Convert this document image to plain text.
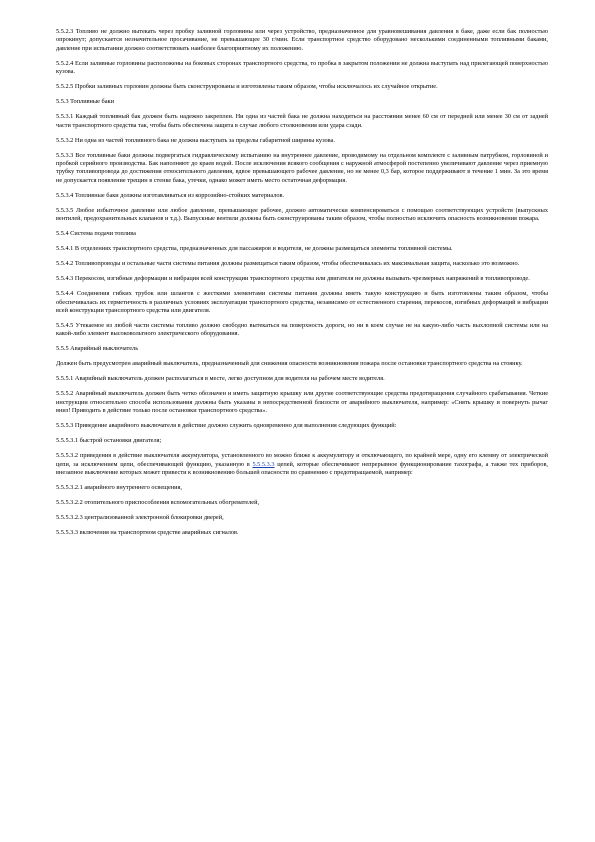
5.5.2.3 Топливо не должно вытекать через пробку заливной горловины или через устройство, предназначенное для уравновешивания давления в баке, даже если бак полностью опрокинут; допускается незначительное просачивание, не превышающее 30 г/мин. Если транспортное средство оборудовано несколькими соединенными топливными баками, давление при испытании должно соответствовать наиболее благоприятному их положению.

5.5.2.4 Если заливные горловины расположены на боковых сторонах транспортного средства, то пробка в закрытом положении не должна выступать над прилегающей поверхностью кузова.

5.5.2.5 Пробки заливных горловин должны быть сконструированы и изготовлены таким образом, чтобы исключалось их случайное открытие.

5.5.3 Топливные баки

5.5.3.1 Каждый топливный бак должен быть надежно закреплен. Ни одна из частей бака не должна находиться на расстоянии менее 60 см от передней или менее 30 см от задней части транспортного средства так, чтобы быть обеспечена защита в случае любого столкновения или удара сзади.

5.5.3.2 Ни одна из частей топливного бака не должна выступать за пределы габаритной ширины кузова.

5.5.3.3 Все топливные баки должны подвергаться гидравлическому испытанию на внутреннее давление, проводимому на отдельном комплекте с заливным патрубком, горловиной и пробкой серийного производства. Бак наполняют до краев водой. После исключения всякого сообщения с наружной атмосферой постепенно увеличивают давление через приемную трубку топливопровода до достижения относительного давления, вдвое превышающего рабочее давление, но не менее 0,3 бар, которое поддерживают в течение 1 мин. За это время не допускается появление трещин в стенке бака, утечки, однако может иметь место остаточная деформация.

5.5.3.4 Топливные баки должны изготавливаться из коррозийно-стойких материалов.

5.5.3.5 Любое избыточное давление или любое давление, превышающее рабочее, должно автоматически компенсироваться с помощью соответствующих устройств (выпускных вентилей, предохранительных клапанов и т.д.). Выпускные вентили должны быть сконструированы таким образом, чтобы полностью исключить опасность возникновения пожара.

5.5.4 Система подачи топлива

5.5.4.1 В отделениях транспортного средства, предназначенных для пассажиров и водителя, не должны размещаться элементы топливной системы.

5.5.4.2 Топливопроводы и остальные части системы питания должны размещаться таким образом, чтобы обеспечивалась их максимальная защита, насколько это возможно.

5.5.4.3 Перекосом, изгибные деформации и вибрация всей конструкции транспортного средства или двигателя не должны вызывать чрезмерных напряжений в топливопроводе.

5.5.4.4 Соединения гибких трубок или шлангов с жесткими элементами системы питания должны иметь такую конструкцию и быть изготовлены таким образом, чтобы обеспечивалась их герметичность в различных условиях эксплуатации транспортного средства, независимо от естественного старения, перекосов, изгибных деформаций и вибрации всей конструкции транспортного средства или двигателя.

5.5.4.5 Утекаемое из любой части системы топливо должно свободно вытекаться на поверхность дороги, но ни в коем случае не на какую-либо часть выхлопной системы или на какой-либо элемент высоковольтного электрического оборудования.

5.5.5 Аварийный выключатель

Должен быть предусмотрен аварийный выключатель, предназначенный для снижения опасности возникновения пожара после остановки транспортного средства на стоянку.

5.5.5.1 Аварийный выключатель должен располагаться в месте, легко доступном для водителя на рабочем месте водителя.

5.5.5.2 Аварийный выключатель должен быть четко обозначен и иметь защитную крышку или другие соответствующие средства предотвращения случайного срабатывания. Четкие инструкции относительно способа использования должны быть указаны в непосредственной близости от аварийного выключателя, например: «Снять крышку и повернуть рычаг вниз! Приводить в действие только после остановки транспортного средства».

5.5.5.3 Приведение аварийного выключателя в действие должно служить одновременно для выполнения следующих функций:

5.5.5.3.1 быстрой остановки двигателя;

5.5.5.3.2 приведения в действие выключателя аккумулятора, установленного во можно ближе к аккумулятору и отключающего, по крайней мере, одну его клемму от электрической цепи, за исключением цепи, обеспечивающей функцию, указанную в 5.5.5.3.3 цепей, которые обеспечивают непрерывное функционирование тахографа, а также тех приборов, внезапное выключение которых может привести к возникновению большей опасности по сравнению с предотвращаемой, например:

5.5.5.3.2.1 аварийного внутреннего освещения,

5.5.5.3.2.2 отопительного приспособления вспомогательных обогревателей,

5.5.5.3.2.3 централизованной электронной блокировки дверей,

5.5.5.3.3 включения на транспортном средстве аварийных сигналов.
